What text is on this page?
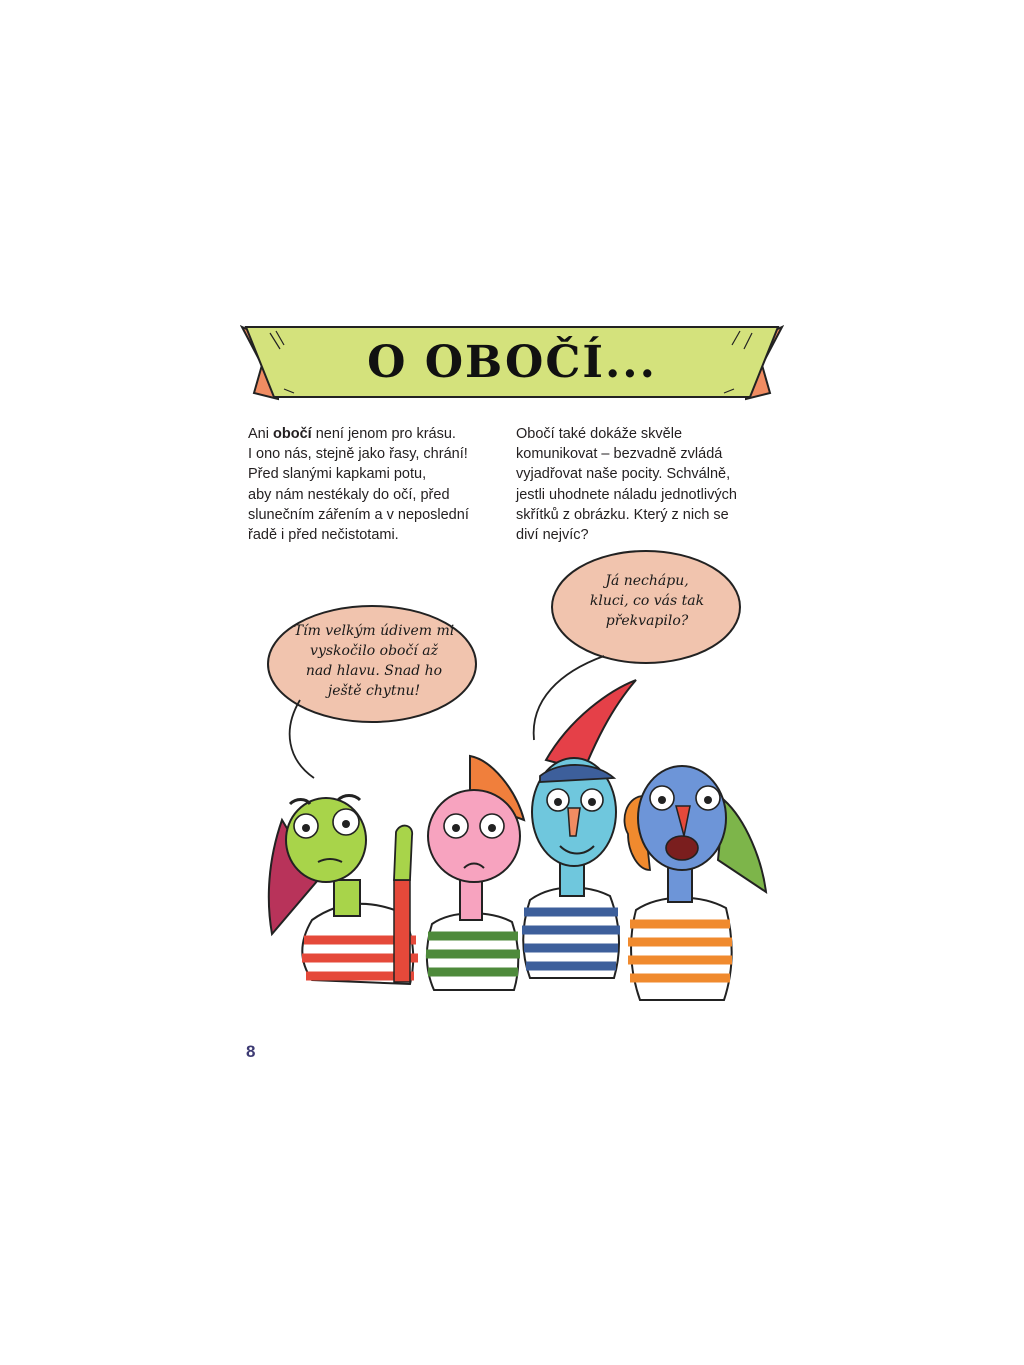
O OBOČÍ...
Ani obočí není jenom pro krásu.
I ono nás, stejně jako řasy, chrání!
Před slanými kapkami potu,
aby nám nestékaly do očí, před
slunečním zářením a v neposlední
řadě i před nečistotami.
Obočí také dokáže skvěle
komunikovat – bezvadně zvládá
vyjadřovat naše pocity. Schválně,
jestli uhodnete náladu jednotlivých
skřítků z obrázku. Který z nich se
diví nejvíc?
Tím velkým údivem mi
vyskočilo obočí až
nad hlavu. Snad ho
ještě chytnu!
Já nechápu,
kluci, co vás tak
překvapilo?
8
